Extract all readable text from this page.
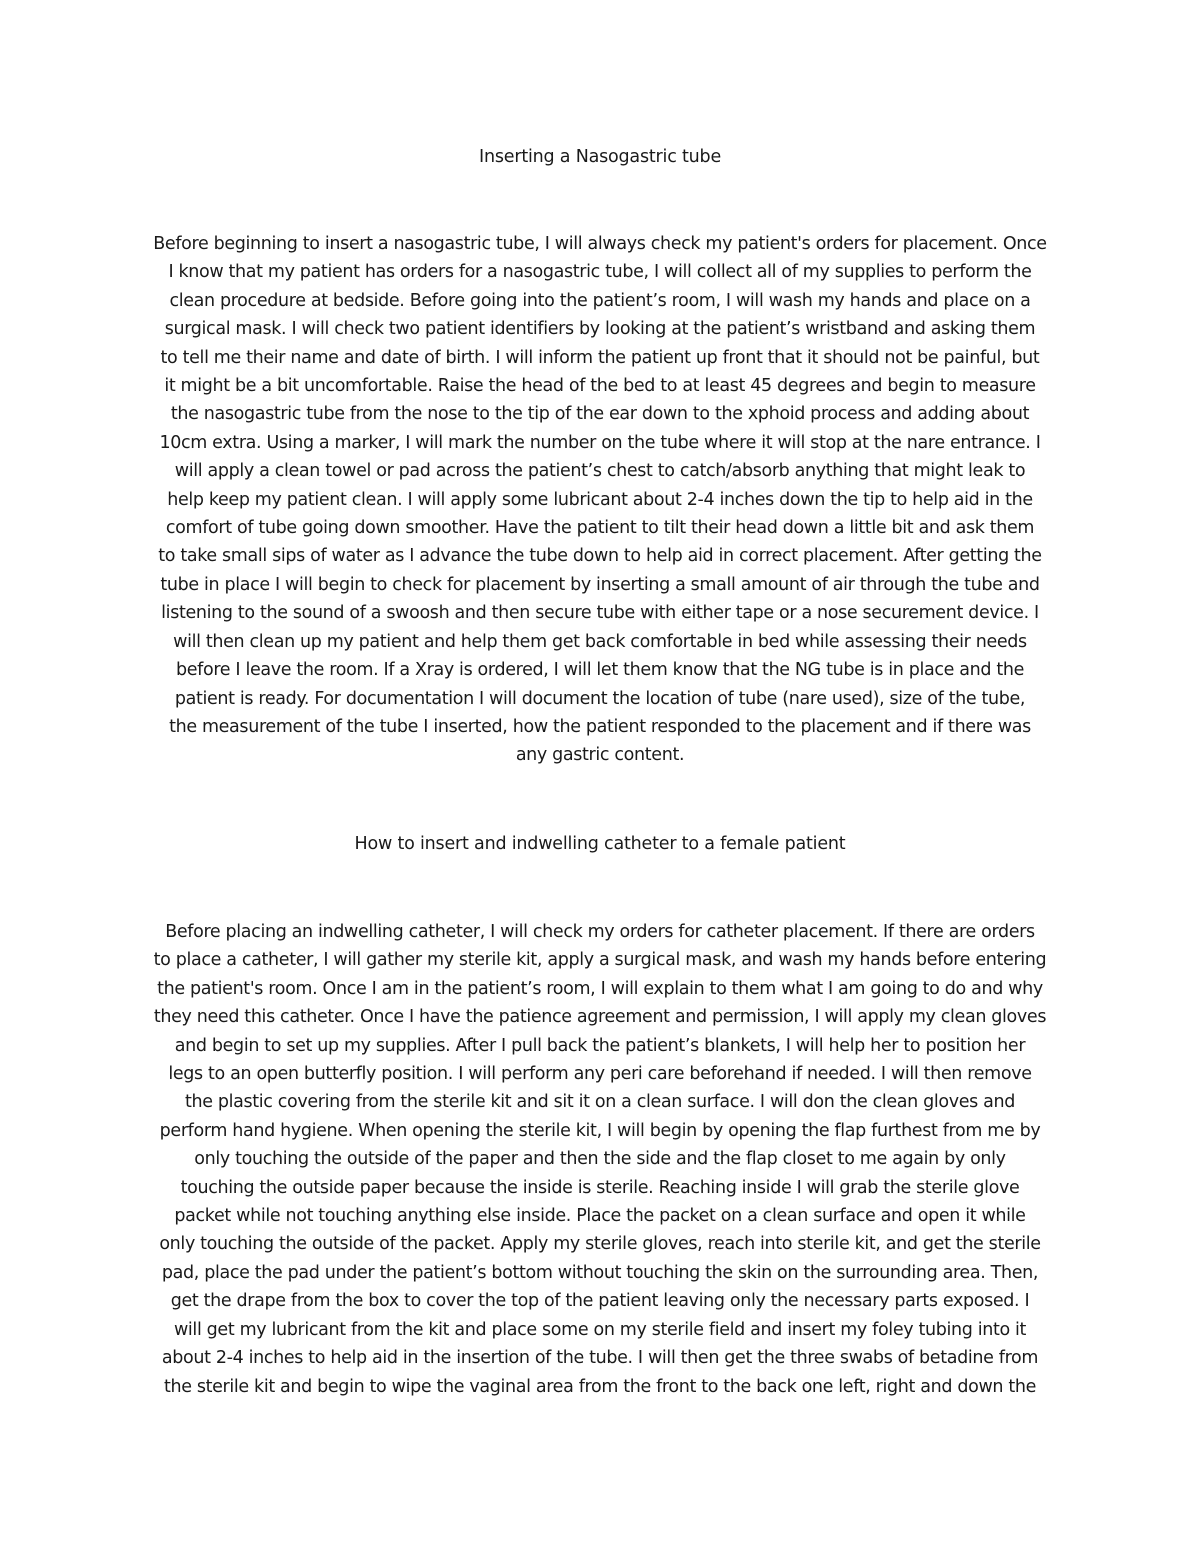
Inserting a Nasogastric tube
Before beginning to insert a nasogastric tube, I will always check my patient's orders for placement. Once
I know that my patient has orders for a nasogastric tube, I will collect all of my supplies to perform the
clean procedure at bedside. Before going into the patient’s room, I will wash my hands and place on a
surgical mask. I will check two patient identifiers by looking at the patient’s wristband and asking them
to tell me their name and date of birth. I will inform the patient up front that it should not be painful, but
it might be a bit uncomfortable. Raise the head of the bed to at least 45 degrees and begin to measure
the nasogastric tube from the nose to the tip of the ear down to the xphoid process and adding about
10cm extra. Using a marker, I will mark the number on the tube where it will stop at the nare entrance. I
will apply a clean towel or pad across the patient’s chest to catch/absorb anything that might leak to
help keep my patient clean. I will apply some lubricant about 2-4 inches down the tip to help aid in the
comfort of tube going down smoother. Have the patient to tilt their head down a little bit and ask them
to take small sips of water as I advance the tube down to help aid in correct placement. After getting the
tube in place I will begin to check for placement by inserting a small amount of air through the tube and
listening to the sound of a swoosh and then secure tube with either tape or a nose securement device. I
will then clean up my patient and help them get back comfortable in bed while assessing their needs
before I leave the room. If a Xray is ordered, I will let them know that the NG tube is in place and the
patient is ready. For documentation I will document the location of tube (nare used), size of the tube,
the measurement of the tube I inserted, how the patient responded to the placement and if there was
any gastric content.
How to insert and indwelling catheter to a female patient
Before placing an indwelling catheter, I will check my orders for catheter placement. If there are orders
to place a catheter, I will gather my sterile kit, apply a surgical mask, and wash my hands before entering
the patient's room. Once I am in the patient’s room, I will explain to them what I am going to do and why
they need this catheter. Once I have the patience agreement and permission, I will apply my clean gloves
and begin to set up my supplies. After I pull back the patient’s blankets, I will help her to position her
legs to an open butterfly position. I will perform any peri care beforehand if needed. I will then remove
the plastic covering from the sterile kit and sit it on a clean surface. I will don the clean gloves and
perform hand hygiene. When opening the sterile kit, I will begin by opening the flap furthest from me by
only touching the outside of the paper and then the side and the flap closet to me again by only
touching the outside paper because the inside is sterile. Reaching inside I will grab the sterile glove
packet while not touching anything else inside. Place the packet on a clean surface and open it while
only touching the outside of the packet. Apply my sterile gloves, reach into sterile kit, and get the sterile
pad, place the pad under the patient’s bottom without touching the skin on the surrounding area. Then,
get the drape from the box to cover the top of the patient leaving only the necessary parts exposed. I
will get my lubricant from the kit and place some on my sterile field and insert my foley tubing into it
about 2-4 inches to help aid in the insertion of the tube. I will then get the three swabs of betadine from
the sterile kit and begin to wipe the vaginal area from the front to the back one left, right and down the
